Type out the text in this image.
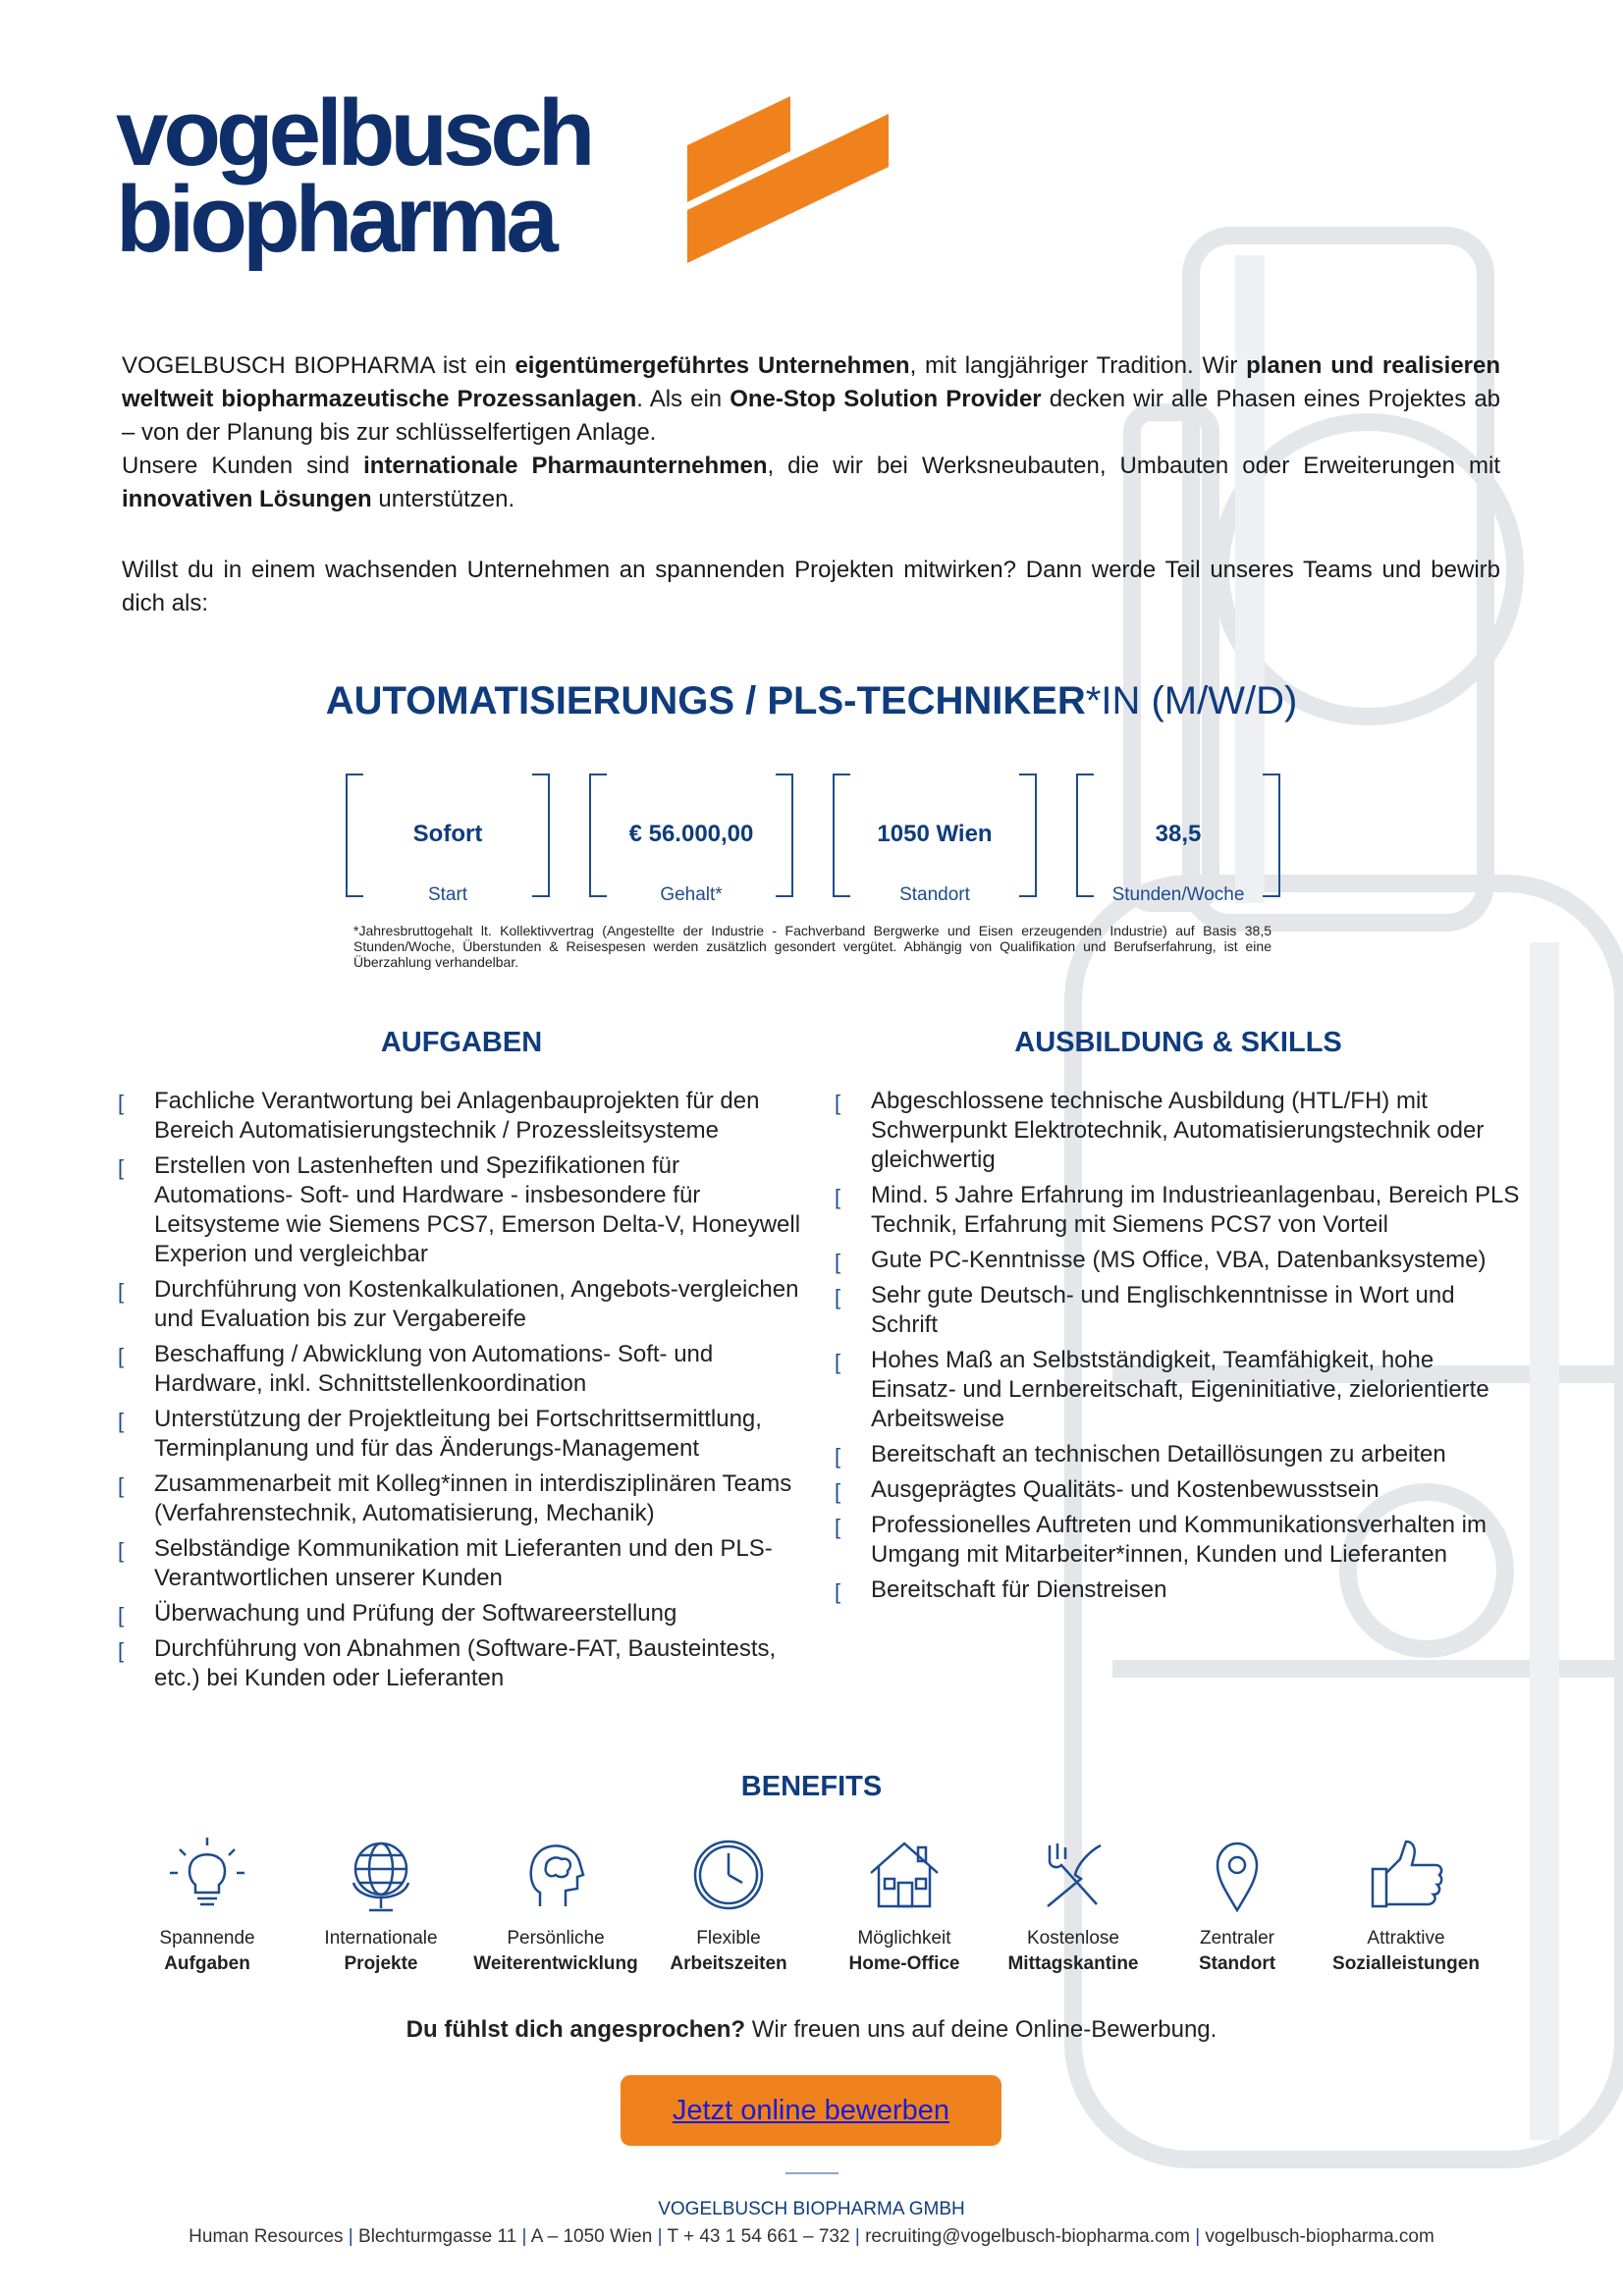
vogelbusch
biopharma

VOGELBUSCH BIOPHARMA ist ein eigentümergeführtes Unternehmen, mit langjähriger Tradition. Wir planen und realisieren weltweit biopharmazeutische Prozessanlagen. Als ein One-Stop Solution Provider decken wir alle Phasen eines Projektes ab – von der Planung bis zur schlüsselfertigen Anlage.

Unsere Kunden sind internationale Pharmaunternehmen, die wir bei Werksneubauten, Umbauten oder Erweiterungen mit innovativen Lösungen unterstützen.

Willst du in einem wachsenden Unternehmen an spannenden Projekten mitwirken? Dann werde Teil unseres Teams und bewirb dich als:

AUTOMATISIERUNGS / PLS-TECHNIKER*IN (M/W/D)
Sofort
Start
€ 56.000,00
Gehalt*
1050 Wien
Standort
38,5
Stunden/Woche
*Jahresbruttogehalt lt. Kollektivvertrag (Angestellte der Industrie - Fachverband Bergwerke und Eisen erzeugenden Industrie) auf Basis 38,5 Stunden/Woche, Überstunden & Reisespesen werden zusätzlich gesondert vergütet. Abhängig von Qualifikation und Berufserfahrung, ist eine Überzahlung verhandelbar.
AUFGABEN
[ Fachliche Verantwortung bei Anlagenbauprojekten für den Bereich Automatisierungstechnik / Prozessleitsysteme
[ Erstellen von Lastenheften und Spezifikationen für Automations- Soft- und Hardware - insbesondere für Leitsysteme wie Siemens PCS7, Emerson Delta-V, Honeywell Experion und vergleichbar
[ Durchführung von Kostenkalkulationen, Angebots-vergleichen und Evaluation bis zur Vergabereife
[ Beschaffung / Abwicklung von Automations- Soft- und Hardware, inkl. Schnittstellenkoordination
[ Unterstützung der Projektleitung bei Fortschrittsermittlung, Terminplanung und für das Änderungs-Management
[ Zusammenarbeit mit Kolleg*innen in interdisziplinären Teams (Verfahrenstechnik, Automatisierung, Mechanik)
[ Selbständige Kommunikation mit Lieferanten und den PLS-Verantwortlichen unserer Kunden
[ Überwachung und Prüfung der Softwareerstellung
[ Durchführung von Abnahmen (Software-FAT, Bausteintests, etc.) bei Kunden oder Lieferanten
AUSBILDUNG & SKILLS
[ Abgeschlossene technische Ausbildung (HTL/FH) mit Schwerpunkt Elektrotechnik, Automatisierungstechnik oder gleichwertig
[ Mind. 5 Jahre Erfahrung im Industrieanlagenbau, Bereich PLS Technik, Erfahrung mit Siemens PCS7 von Vorteil
[ Gute PC-Kenntnisse (MS Office, VBA, Datenbanksysteme)
[ Sehr gute Deutsch- und Englischkenntnisse in Wort und Schrift
[ Hohes Maß an Selbstständigkeit, Teamfähigkeit, hohe Einsatz- und Lernbereitschaft, Eigeninitiative, zielorientierte Arbeitsweise
[ Bereitschaft an technischen Detaillösungen zu arbeiten
[ Ausgeprägtes Qualitäts- und Kostenbewusstsein
[ Professionelles Auftreten und Kommunikationsverhalten im Umgang mit Mitarbeiter*innen, Kunden und Lieferanten
[ Bereitschaft für Dienstreisen
BENEFITS
Spannende
Aufgaben
Internationale
Projekte
Persönliche
Weiterentwicklung
Flexible
Arbeitszeiten
Möglichkeit
Home-Office
Kostenlose
Mittagskantine
Zentraler
Standort
Attraktive
Sozialleistungen
Du fühlst dich angesprochen? Wir freuen uns auf deine Online-Bewerbung.
Jetzt online bewerben
VOGELBUSCH BIOPHARMA GMBH
Human Resources | Blechturmgasse 11 | A – 1050 Wien | T + 43 1 54 661 – 732 | recruiting@vogelbusch-biopharma.com | vogelbusch-biopharma.com
